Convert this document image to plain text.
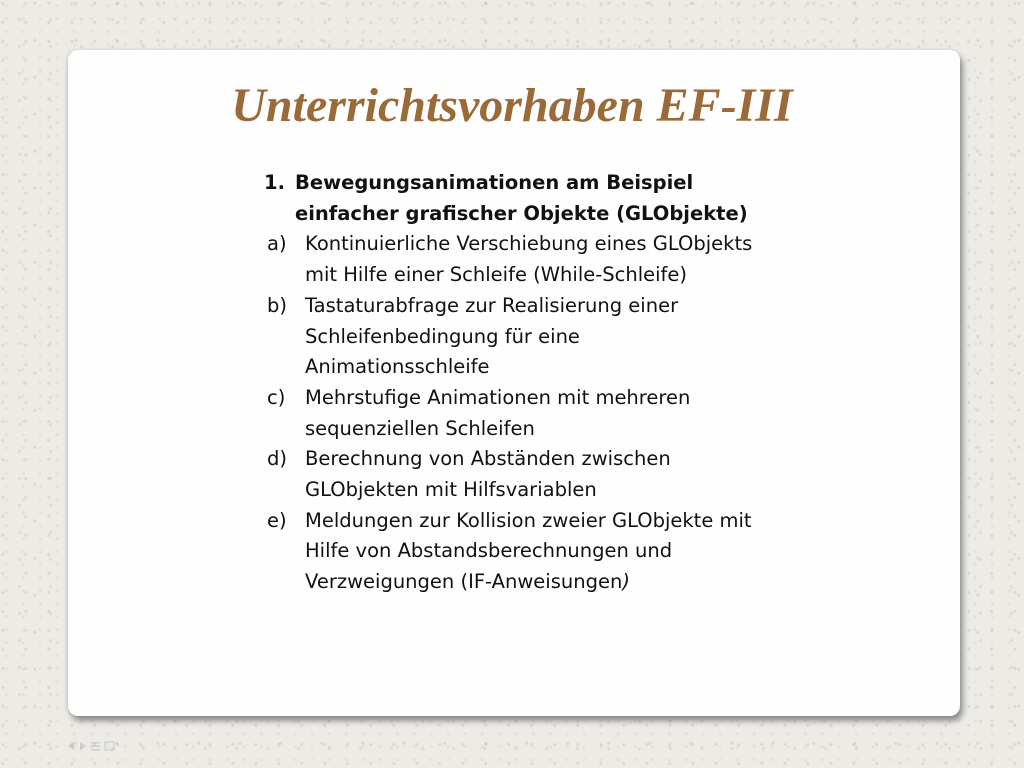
Unterrichtsvorhaben EF-III
1. Bewegungsanimationen am Beispiel einfacher grafischer Objekte (GLObjekte)
a) Kontinuierliche Verschiebung eines GLObjekts mit Hilfe einer Schleife (While-Schleife)
b) Tastaturabfrage zur Realisierung einer Schleifenbedingung für eine Animationsschleife
c) Mehrstufige Animationen mit mehreren sequenziellen Schleifen
d) Berechnung von Abständen zwischen GLObjekten mit Hilfsvariablen
e) Meldungen zur Kollision zweier GLObjekte mit Hilfe von Abstandsberechnungen und Verzweigungen (IF-Anweisungen)
